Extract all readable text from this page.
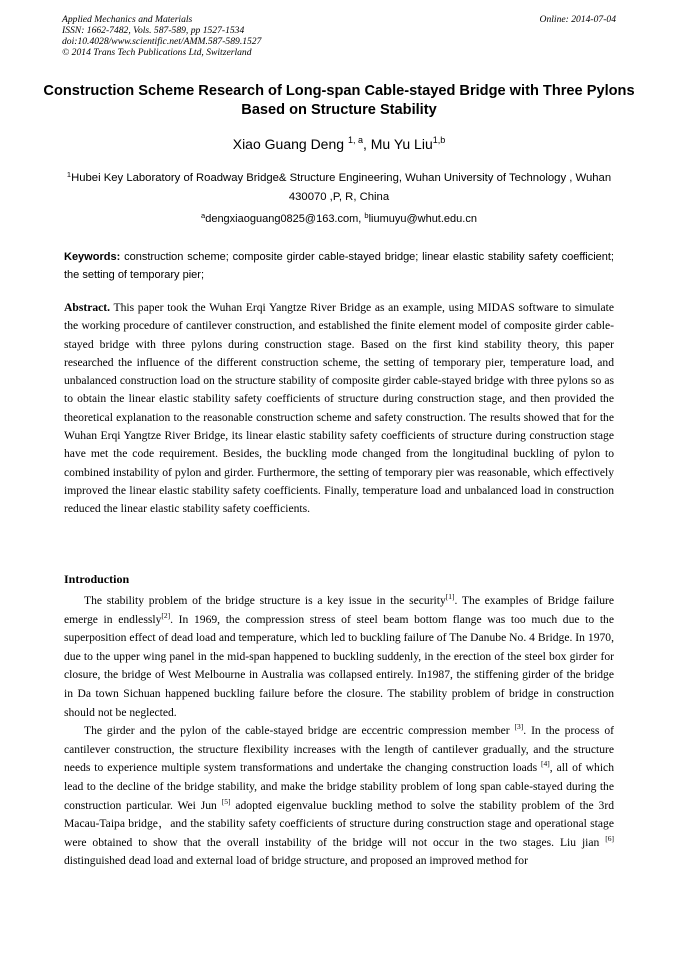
Applied Mechanics and Materials
ISSN: 1662-7482, Vols. 587-589, pp 1527-1534
doi:10.4028/www.scientific.net/AMM.587-589.1527
© 2014 Trans Tech Publications Ltd, Switzerland
Online: 2014-07-04
Construction Scheme Research of Long-span Cable-stayed Bridge with Three Pylons Based on Structure Stability
Xiao Guang Deng $^{1, a}$, Mu Yu Liu$^{1,b}$
$^1$Hubei Key Laboratory of Roadway Bridge& Structure Engineering, Wuhan University of Technology , Wuhan 430070 ,P, R, China
$^a$dengxiaoguang0825@163.com, $^b$liumuyu@whut.edu.cn
Keywords: construction scheme; composite girder cable-stayed bridge; linear elastic stability safety coefficient; the setting of temporary pier;
Abstract. This paper took the Wuhan Erqi Yangtze River Bridge as an example, using MIDAS software to simulate the working procedure of cantilever construction, and established the finite element model of composite girder cable-stayed bridge with three pylons during construction stage. Based on the first kind stability theory, this paper researched the influence of the different construction scheme, the setting of temporary pier, temperature load, and unbalanced construction load on the structure stability of composite girder cable-stayed bridge with three pylons so as to obtain the linear elastic stability safety coefficients of structure during construction stage, and then provided the theoretical explanation to the reasonable construction scheme and safety construction. The results showed that for the Wuhan Erqi Yangtze River Bridge, its linear elastic stability safety coefficients of structure during construction stage have met the code requirement. Besides, the buckling mode changed from the longitudinal buckling of pylon to combined instability of pylon and girder. Furthermore, the setting of temporary pier was reasonable, which effectively improved the linear elastic stability safety coefficients. Finally, temperature load and unbalanced load in construction reduced the linear elastic stability safety coefficients.
Introduction

The stability problem of the bridge structure is a key issue in the security[1]. The examples of Bridge failure emerge in endlessly[2]. In 1969, the compression stress of steel beam bottom flange was too much due to the superposition effect of dead load and temperature, which led to buckling failure of The Danube No. 4 Bridge. In 1970, due to the upper wing panel in the mid-span happened to buckling suddenly, in the erection of the steel box girder for closure, the bridge of West Melbourne in Australia was collapsed entirely. In1987, the stiffening girder of the bridge in Da town Sichuan happened buckling failure before the closure. The stability problem of bridge in construction should not be neglected.

The girder and the pylon of the cable-stayed bridge are eccentric compression member [3]. In the process of cantilever construction, the structure flexibility increases with the length of cantilever gradually, and the structure needs to experience multiple system transformations and undertake the changing construction loads [4], all of which lead to the decline of the bridge stability, and make the bridge stability problem of long span cable-stayed during the construction particular. Wei Jun [5] adopted eigenvalue buckling method to solve the stability problem of the 3rd Macau-Taipa bridge，and the stability safety coefficients of structure during construction stage and operational stage were obtained to show that the overall instability of the bridge will not occur in the two stages. Liu jian [6] distinguished dead load and external load of bridge structure, and proposed an improved method for
